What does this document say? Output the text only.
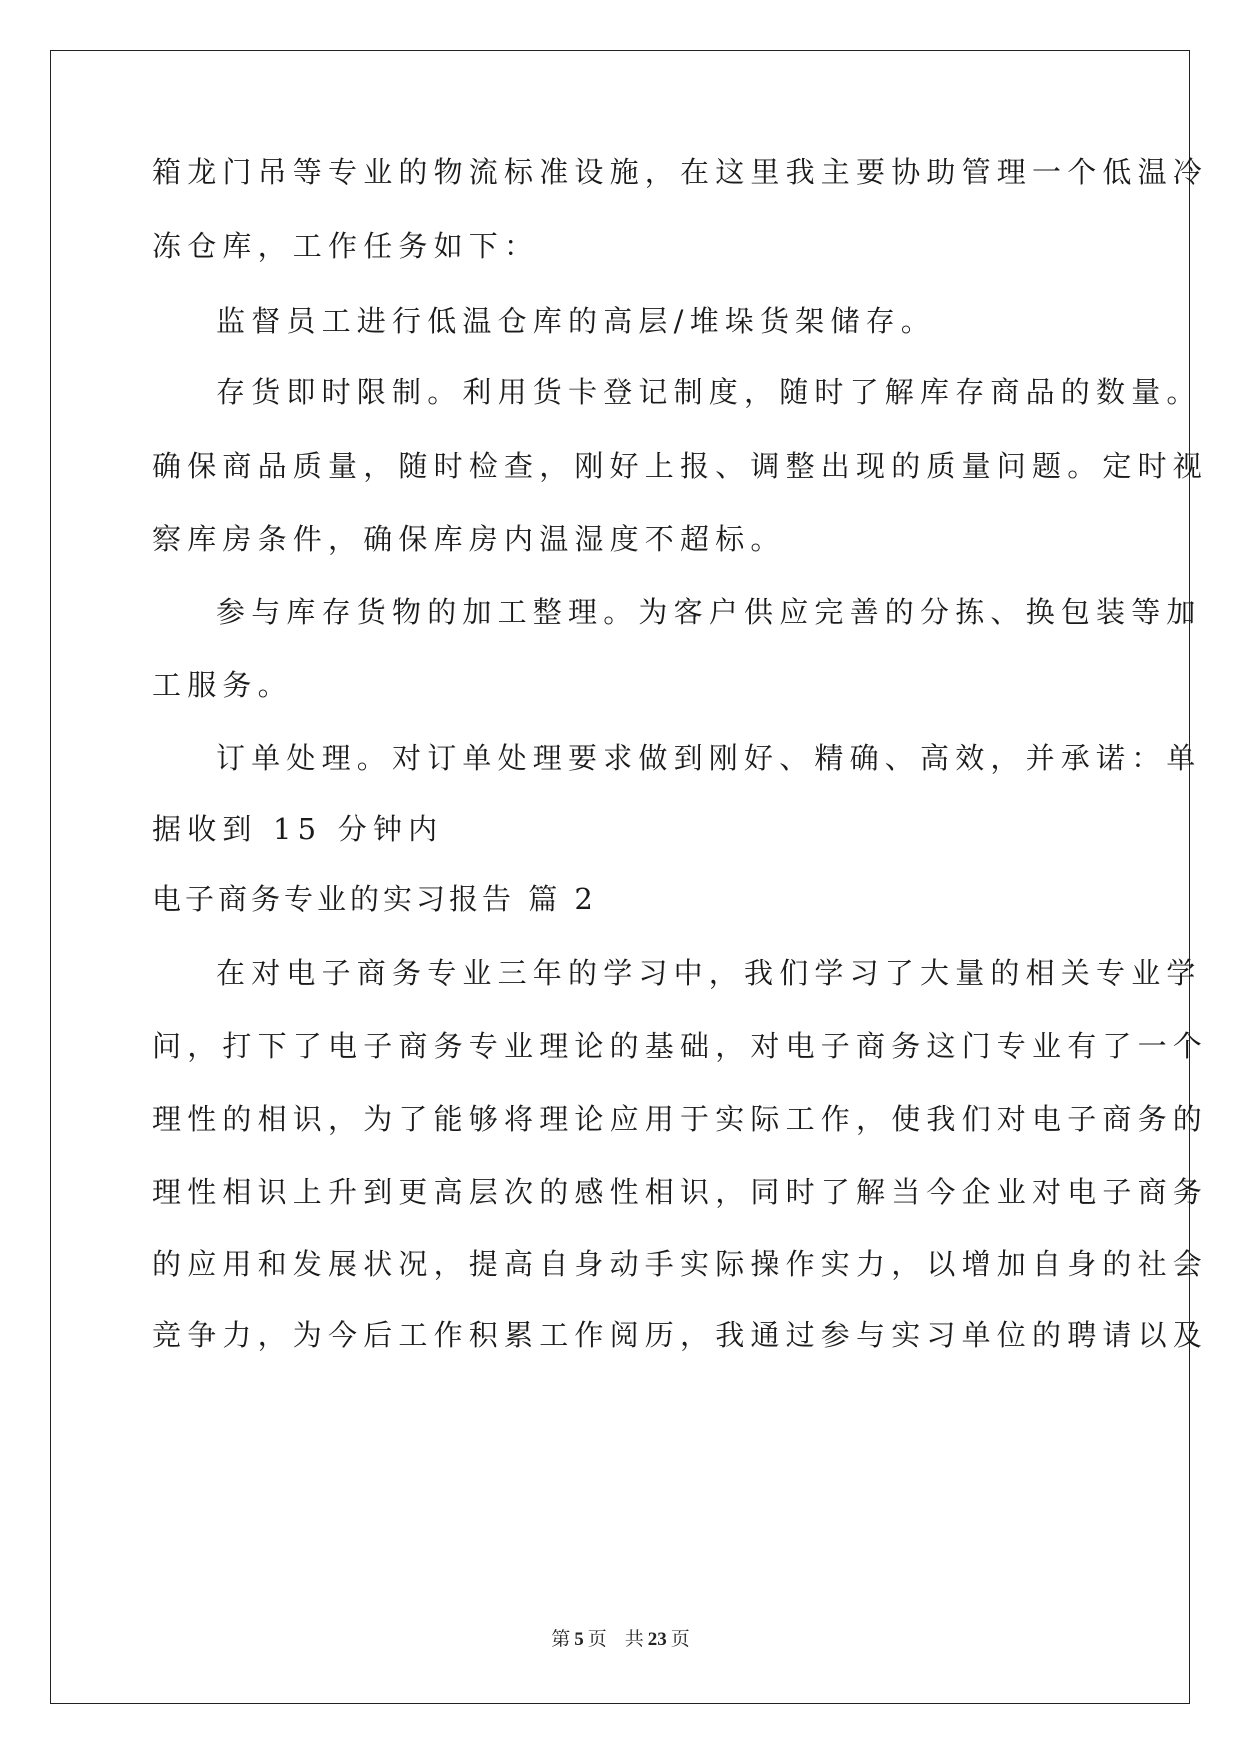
箱龙门吊等专业的物流标准设施，在这里我主要协助管理一个低温冷
冻仓库，工作任务如下：
监督员工进行低温仓库的高层/堆垛货架储存。
存货即时限制。利用货卡登记制度，随时了解库存商品的数量。
确保商品质量，随时检查，刚好上报、调整出现的质量问题。定时视
察库房条件，确保库房内温湿度不超标。
参与库存货物的加工整理。为客户供应完善的分拣、换包装等加
工服务。
订单处理。对订单处理要求做到刚好、精确、高效，并承诺：单
据收到 15 分钟内
电子商务专业的实习报告 篇 2
在对电子商务专业三年的学习中，我们学习了大量的相关专业学
问，打下了电子商务专业理论的基础，对电子商务这门专业有了一个
理性的相识，为了能够将理论应用于实际工作，使我们对电子商务的
理性相识上升到更高层次的感性相识，同时了解当今企业对电子商务
的应用和发展状况，提高自身动手实际操作实力，以增加自身的社会
竞争力，为今后工作积累工作阅历，我通过参与实习单位的聘请以及
第 5 页 共 23 页
